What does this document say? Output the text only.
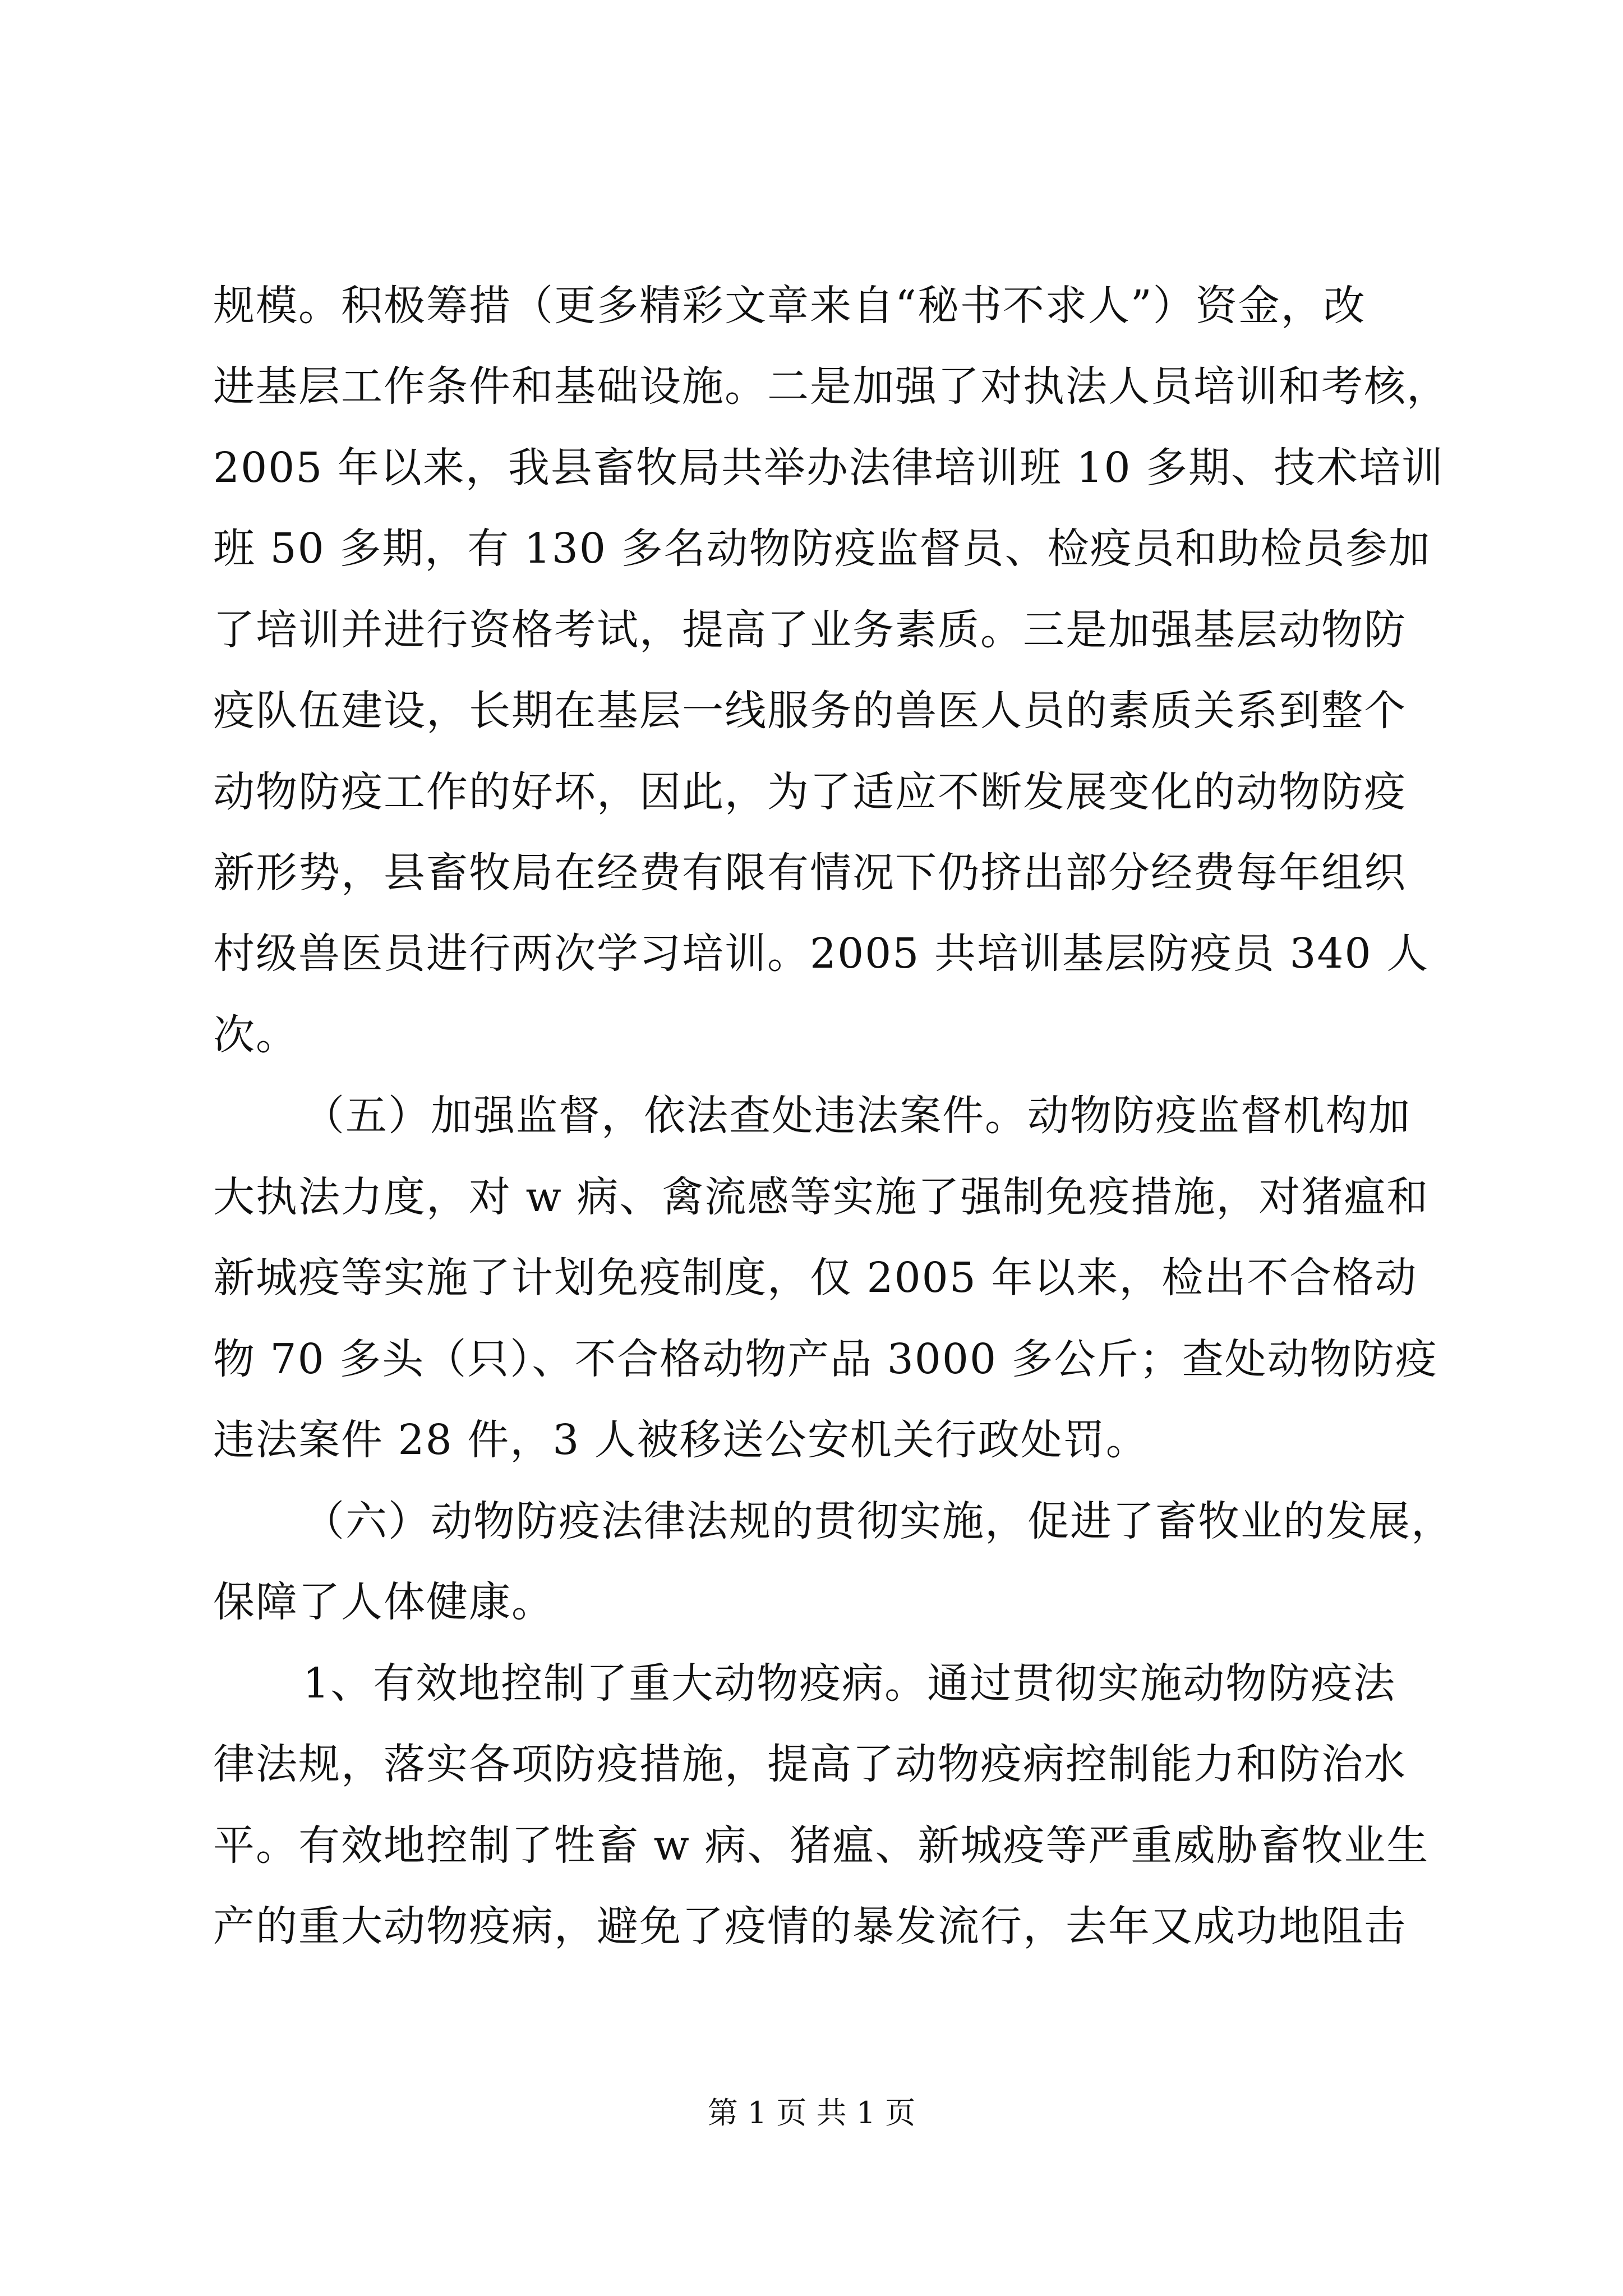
规模。积极筹措（更多精彩文章来自“秘书不求人”）资金，改
进基层工作条件和基础设施。二是加强了对执法人员培训和考核，
2005 年以来，我县畜牧局共举办法律培训班 10 多期、技术培训
班 50 多期，有 130 多名动物防疫监督员、检疫员和助检员参加
了培训并进行资格考试，提高了业务素质。三是加强基层动物防
疫队伍建设，长期在基层一线服务的兽医人员的素质关系到整个
动物防疫工作的好坏，因此，为了适应不断发展变化的动物防疫
新形势，县畜牧局在经费有限有情况下仍挤出部分经费每年组织
村级兽医员进行两次学习培训。2005 共培训基层防疫员 340 人
次。
（五）加强监督，依法查处违法案件。动物防疫监督机构加
大执法力度，对 w 病、禽流感等实施了强制免疫措施，对猪瘟和
新城疫等实施了计划免疫制度，仅 2005 年以来，检出不合格动
物 70 多头（只）、不合格动物产品 3000 多公斤；查处动物防疫
违法案件 28 件，3 人被移送公安机关行政处罚。
（六）动物防疫法律法规的贯彻实施，促进了畜牧业的发展，
保障了人体健康。
1、有效地控制了重大动物疫病。通过贯彻实施动物防疫法
律法规，落实各项防疫措施，提高了动物疫病控制能力和防治水
平。有效地控制了牲畜 w 病、猪瘟、新城疫等严重威胁畜牧业生
产的重大动物疫病，避免了疫情的暴发流行，去年又成功地阻击
第 1 页 共 1 页
